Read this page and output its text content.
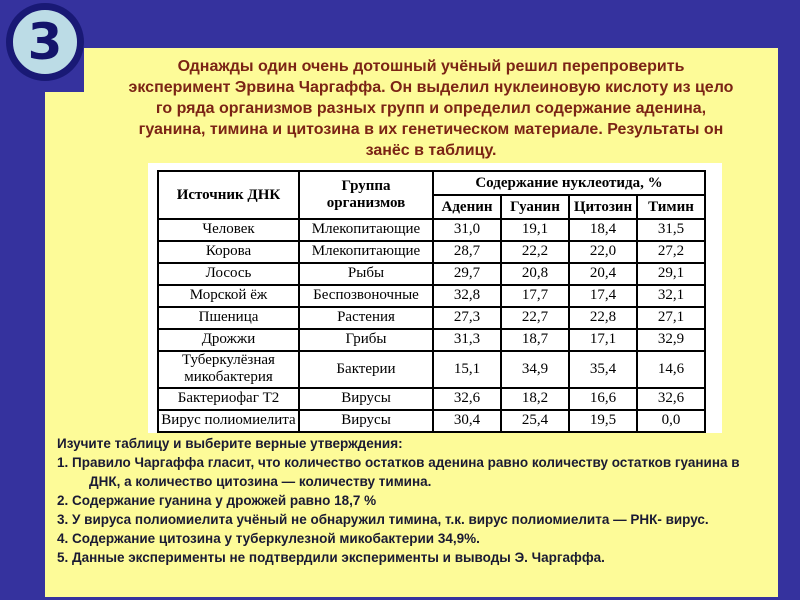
Однажды один очень дотошный учёный решил перепроверить
эксперимент Эрвина Чаргаффа. Он выделил нуклеиновую кислоту из цело
го ряда организмов разных групп и определил содержание аденина,
гуанина, тимина и цитозина в их генетическом материале. Результаты он
занёс в таблицу.
Источник ДНК	Группа организмов	Содержание нуклеотида, %			
		Аденин	Гуанин	Цитозин	Тимин
Человек	Млекопитающие	31,0	19,1	18,4	31,5
Корова	Млекопитающие	28,7	22,2	22,0	27,2
Лосось	Рыбы	29,7	20,8	20,4	29,1
Морской ёж	Беспозвоночные	32,8	17,7	17,4	32,1
Пшеница	Растения	27,3	22,7	22,8	27,1
Дрожжи	Грибы	31,3	18,7	17,1	32,9
Туберкулёзная микобактерия	Бактерии	15,1	34,9	35,4	14,6
Бактериофаг Т2	Вирусы	32,6	18,2	16,6	32,6
Вирус полиомиелита	Вирусы	30,4	25,4	19,5	0,0
Изучите таблицу и выберите верные утверждения:
1. Правило Чаргаффа гласит, что количество остатков аденина равно количеству остатков гуанина в ДНК, а количество цитозина — количеству тимина.
2. Содержание гуанина у дрожжей равно 18,7 %
3. У вируса полиомиелита учёный не обнаружил тимина, т.к. вирус полиомиелита — РНК- вирус.
4. Содержание цитозина у туберкулезной микобактерии 34,9%.
5. Данные эксперименты не подтвердили эксперименты и выводы Э. Чаргаффа.
3
